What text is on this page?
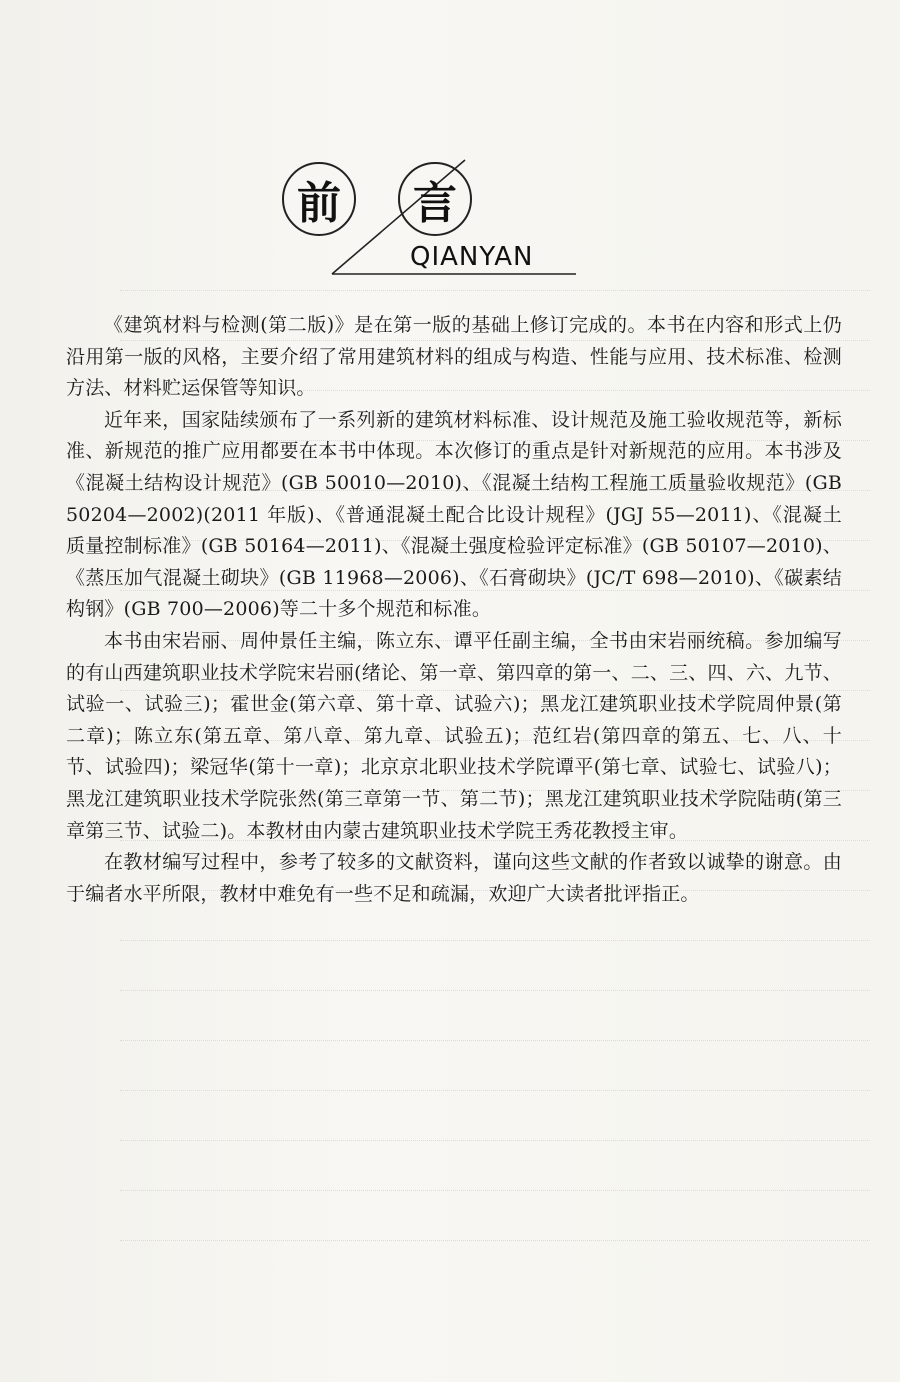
前	言
QIANYAN

《建筑材料与检测(第二版)》是在第一版的基础上修订完成的。本书在内容和形式上仍沿用第一版的风格，主要介绍了常用建筑材料的组成与构造、性能与应用、技术标准、检测方法、材料贮运保管等知识。

近年来，国家陆续颁布了一系列新的建筑材料标准、设计规范及施工验收规范等，新标准、新规范的推广应用都要在本书中体现。本次修订的重点是针对新规范的应用。本书涉及《混凝土结构设计规范》(GB 50010—2010)、《混凝土结构工程施工质量验收规范》(GB 50204—2002)(2011 年版)、《普通混凝土配合比设计规程》(JGJ 55—2011)、《混凝土质量控制标准》(GB 50164—2011)、《混凝土强度检验评定标准》(GB 50107—2010)、《蒸压加气混凝土砌块》(GB 11968—2006)、《石膏砌块》(JC/T 698—2010)、《碳素结构钢》(GB 700—2006)等二十多个规范和标准。

本书由宋岩丽、周仲景任主编，陈立东、谭平任副主编，全书由宋岩丽统稿。参加编写的有山西建筑职业技术学院宋岩丽(绪论、第一章、第四章的第一、二、三、四、六、九节、试验一、试验三)；霍世金(第六章、第十章、试验六)；黑龙江建筑职业技术学院周仲景(第二章)；陈立东(第五章、第八章、第九章、试验五)；范红岩(第四章的第五、七、八、十节、试验四)；梁冠华(第十一章)；北京京北职业技术学院谭平(第七章、试验七、试验八)；黑龙江建筑职业技术学院张然(第三章第一节、第二节)；黑龙江建筑职业技术学院陆萌(第三章第三节、试验二)。本教材由内蒙古建筑职业技术学院王秀花教授主审。

在教材编写过程中，参考了较多的文献资料，谨向这些文献的作者致以诚挚的谢意。由于编者水平所限，教材中难免有一些不足和疏漏，欢迎广大读者批评指正。
